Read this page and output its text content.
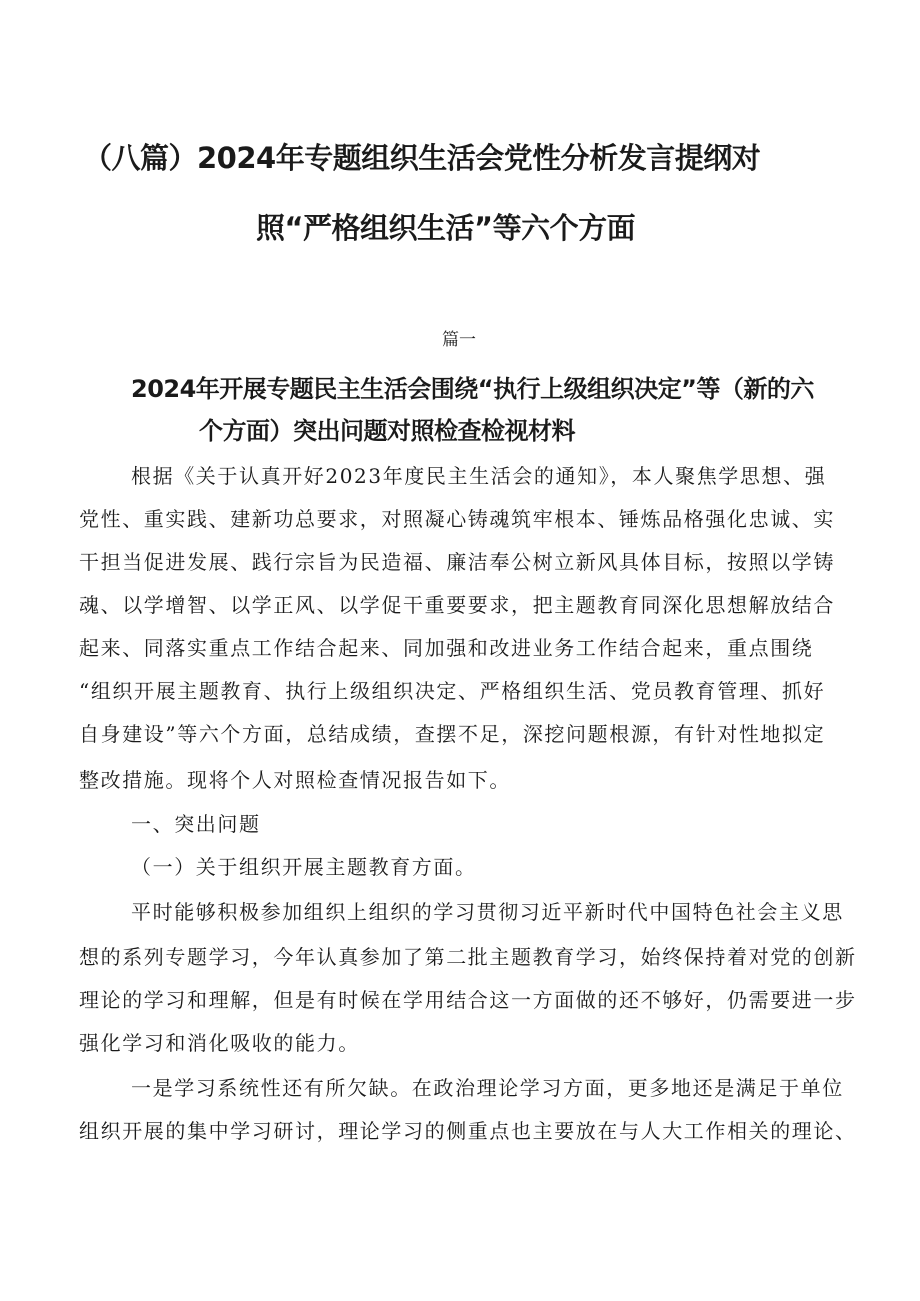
（八篇）2024年专题组织生活会党性分析发言提纲对
照“严格组织生活”等六个方面
篇一
2024年开展专题民主生活会围绕“执行上级组织决定”等（新的六
个方面）突出问题对照检查检视材料
根据《关于认真开好2023年度民主生活会的通知》，本人聚焦学思想、强
党性、重实践、建新功总要求，对照凝心铸魂筑牢根本、锤炼品格强化忠诚、实
干担当促进发展、践行宗旨为民造福、廉洁奉公树立新风具体目标，按照以学铸
魂、以学增智、以学正风、以学促干重要要求，把主题教育同深化思想解放结合
起来、同落实重点工作结合起来、同加强和改进业务工作结合起来，重点围绕
“组织开展主题教育、执行上级组织决定、严格组织生活、党员教育管理、抓好
自身建设”等六个方面，总结成绩，查摆不足，深挖问题根源，有针对性地拟定
整改措施。现将个人对照检查情况报告如下。
一、突出问题
（一）关于组织开展主题教育方面。
平时能够积极参加组织上组织的学习贯彻习近平新时代中国特色社会主义思
想的系列专题学习，今年认真参加了第二批主题教育学习，始终保持着对党的创新
理论的学习和理解，但是有时候在学用结合这一方面做的还不够好，仍需要进一步
强化学习和消化吸收的能力。
一是学习系统性还有所欠缺。在政治理论学习方面，更多地还是满足于单位
组织开展的集中学习研讨，理论学习的侧重点也主要放在与人大工作相关的理论、
